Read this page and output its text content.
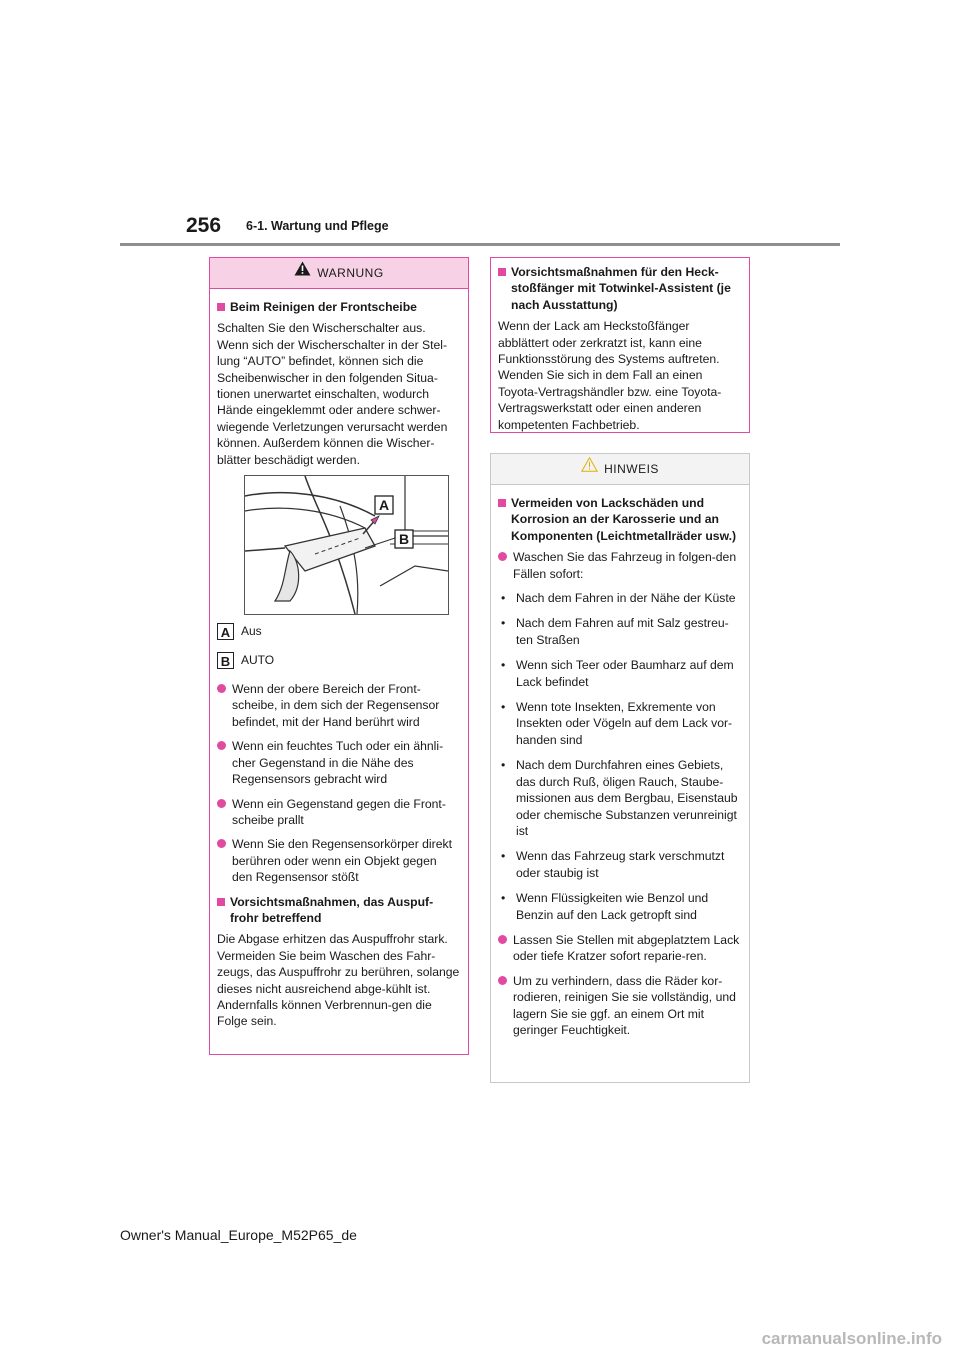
256 6-1. Wartung und Pflege
WARNUNG
Beim Reinigen der Frontscheibe
Schalten Sie den Wischerschalter aus. Wenn sich der Wischerschalter in der Stel-lung “AUTO” befindet, können sich die Scheibenwischer in den folgenden Situa-tionen unerwartet einschalten, wodurch Hände eingeklemmt oder andere schwer-wiegende Verletzungen verursacht werden können. Außerdem können die Wischer-blätter beschädigt werden.
A
B
A Aus
B AUTO
Wenn der obere Bereich der Front-scheibe, in dem sich der Regensensor befindet, mit der Hand berührt wird
Wenn ein feuchtes Tuch oder ein ähnli-cher Gegenstand in die Nähe des Regensensors gebracht wird
Wenn ein Gegenstand gegen die Front-scheibe prallt
Wenn Sie den Regensensorkörper direkt berühren oder wenn ein Objekt gegen den Regensensor stößt
Vorsichtsmaßnahmen, das Auspuf-frohr betreffend
Die Abgase erhitzen das Auspuffrohr stark.
Vermeiden Sie beim Waschen des Fahr-zeugs, das Auspuffrohr zu berühren, solange dieses nicht ausreichend abge-kühlt ist. Andernfalls können Verbrennun-gen die Folge sein.
Vorsichtsmaßnahmen für den Heck-stoßfänger mit Totwinkel-Assistent (je nach Ausstattung)
Wenn der Lack am Heckstoßfänger abblättert oder zerkratzt ist, kann eine Funktionsstörung des Systems auftreten. Wenden Sie sich in dem Fall an einen Toyota-Vertragshändler bzw. eine Toyota-Vertragswerkstatt oder einen anderen kompetenten Fachbetrieb.
HINWEIS
Vermeiden von Lackschäden und Korrosion an der Karosserie und an Komponenten (Leichtmetallräder usw.)
Waschen Sie das Fahrzeug in folgen-den Fällen sofort:
• Nach dem Fahren in der Nähe der Küste
• Nach dem Fahren auf mit Salz gestreu-ten Straßen
• Wenn sich Teer oder Baumharz auf dem Lack befindet
• Wenn tote Insekten, Exkremente von Insekten oder Vögeln auf dem Lack vor-handen sind
• Nach dem Durchfahren eines Gebiets, das durch Ruß, öligen Rauch, Staube-missionen aus dem Bergbau, Eisenstaub oder chemische Substanzen verunreinigt ist
• Wenn das Fahrzeug stark verschmutzt oder staubig ist
• Wenn Flüssigkeiten wie Benzol und Benzin auf den Lack getropft sind
Lassen Sie Stellen mit abgeplatztem Lack oder tiefe Kratzer sofort reparie-ren.
Um zu verhindern, dass die Räder kor-rodieren, reinigen Sie sie vollständig, und lagern Sie sie ggf. an einem Ort mit geringer Feuchtigkeit.
Owner's Manual_Europe_M52P65_de
carmanualsonline.info
